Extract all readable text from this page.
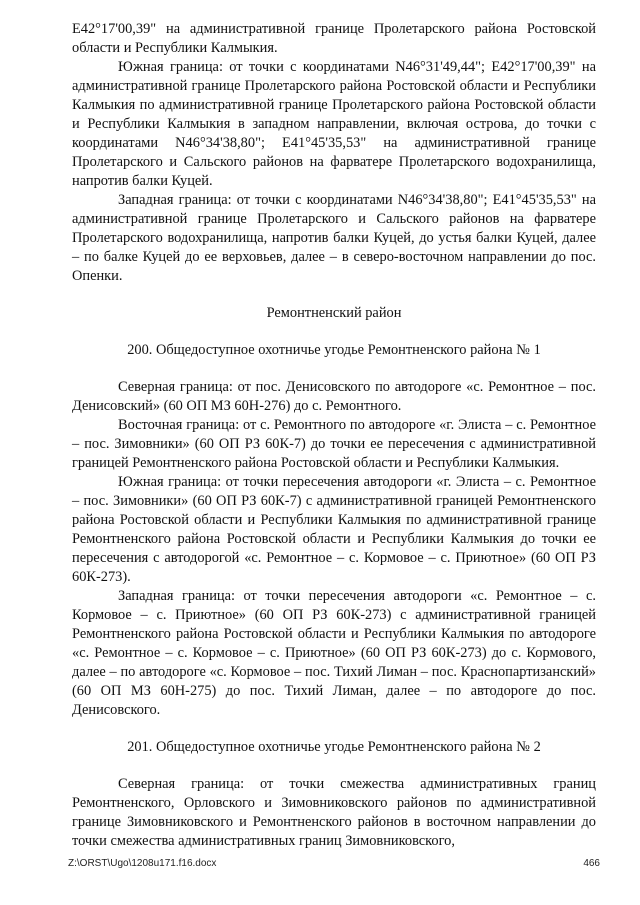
E42°17'00,39" на административной границе Пролетарского района Ростовской области и Республики Калмыкия.

Южная граница: от точки с координатами N46°31'49,44"; E42°17'00,39" на административной границе Пролетарского района Ростовской области и Республики Калмыкия по административной границе Пролетарского района Ростовской области и Республики Калмыкия в западном направлении, включая острова, до точки с координатами N46°34'38,80"; E41°45'35,53" на административной границе Пролетарского и Сальского районов на фарватере Пролетарского водохранилища, напротив балки Куцей.

Западная граница: от точки с координатами N46°34'38,80"; E41°45'35,53" на административной границе Пролетарского и Сальского районов на фарватере Пролетарского водохранилища, напротив балки Куцей, до устья балки Куцей, далее – по балке Куцей до ее верховьев, далее – в северо-восточном направлении до пос. Опенки.

Ремонтненский район

200. Общедоступное охотничье угодье Ремонтненского района № 1

Северная граница: от пос. Денисовского по автодороге «с. Ремонтное – пос. Денисовский» (60 ОП МЗ 60Н-276) до с. Ремонтного.

Восточная граница: от с. Ремонтного по автодороге «г. Элиста – с. Ремонтное – пос. Зимовники» (60 ОП РЗ 60К-7) до точки ее пересечения с административной границей Ремонтненского района Ростовской области и Республики Калмыкия.

Южная граница: от точки пересечения автодороги «г. Элиста – с. Ремонтное – пос. Зимовники» (60 ОП РЗ 60К-7) с административной границей Ремонтненского района Ростовской области и Республики Калмыкия по административной границе Ремонтненского района Ростовской области и Республики Калмыкия до точки ее пересечения с автодорогой «с. Ремонтное – с. Кормовое – с. Приютное» (60 ОП РЗ 60К-273).

Западная граница: от точки пересечения автодороги «с. Ремонтное – с. Кормовое – с. Приютное» (60 ОП РЗ 60К-273) с административной границей Ремонтненского района Ростовской области и Республики Калмыкия по автодороге «с. Ремонтное – с. Кормовое – с. Приютное» (60 ОП РЗ 60К-273) до с. Кормового, далее – по автодороге «с. Кормовое – пос. Тихий Лиман – пос. Краснопартизанский» (60 ОП МЗ 60Н-275) до пос. Тихий Лиман, далее – по автодороге до пос. Денисовского.

201. Общедоступное охотничье угодье Ремонтненского района № 2

Северная граница: от точки смежества административных границ Ремонтненского, Орловского и Зимовниковского районов по административной границе Зимовниковского и Ремонтненского районов в восточном направлении до точки смежества административных границ Зимовниковского,

Z:\ORST\Ugo\1208u171.f16.docx	466
